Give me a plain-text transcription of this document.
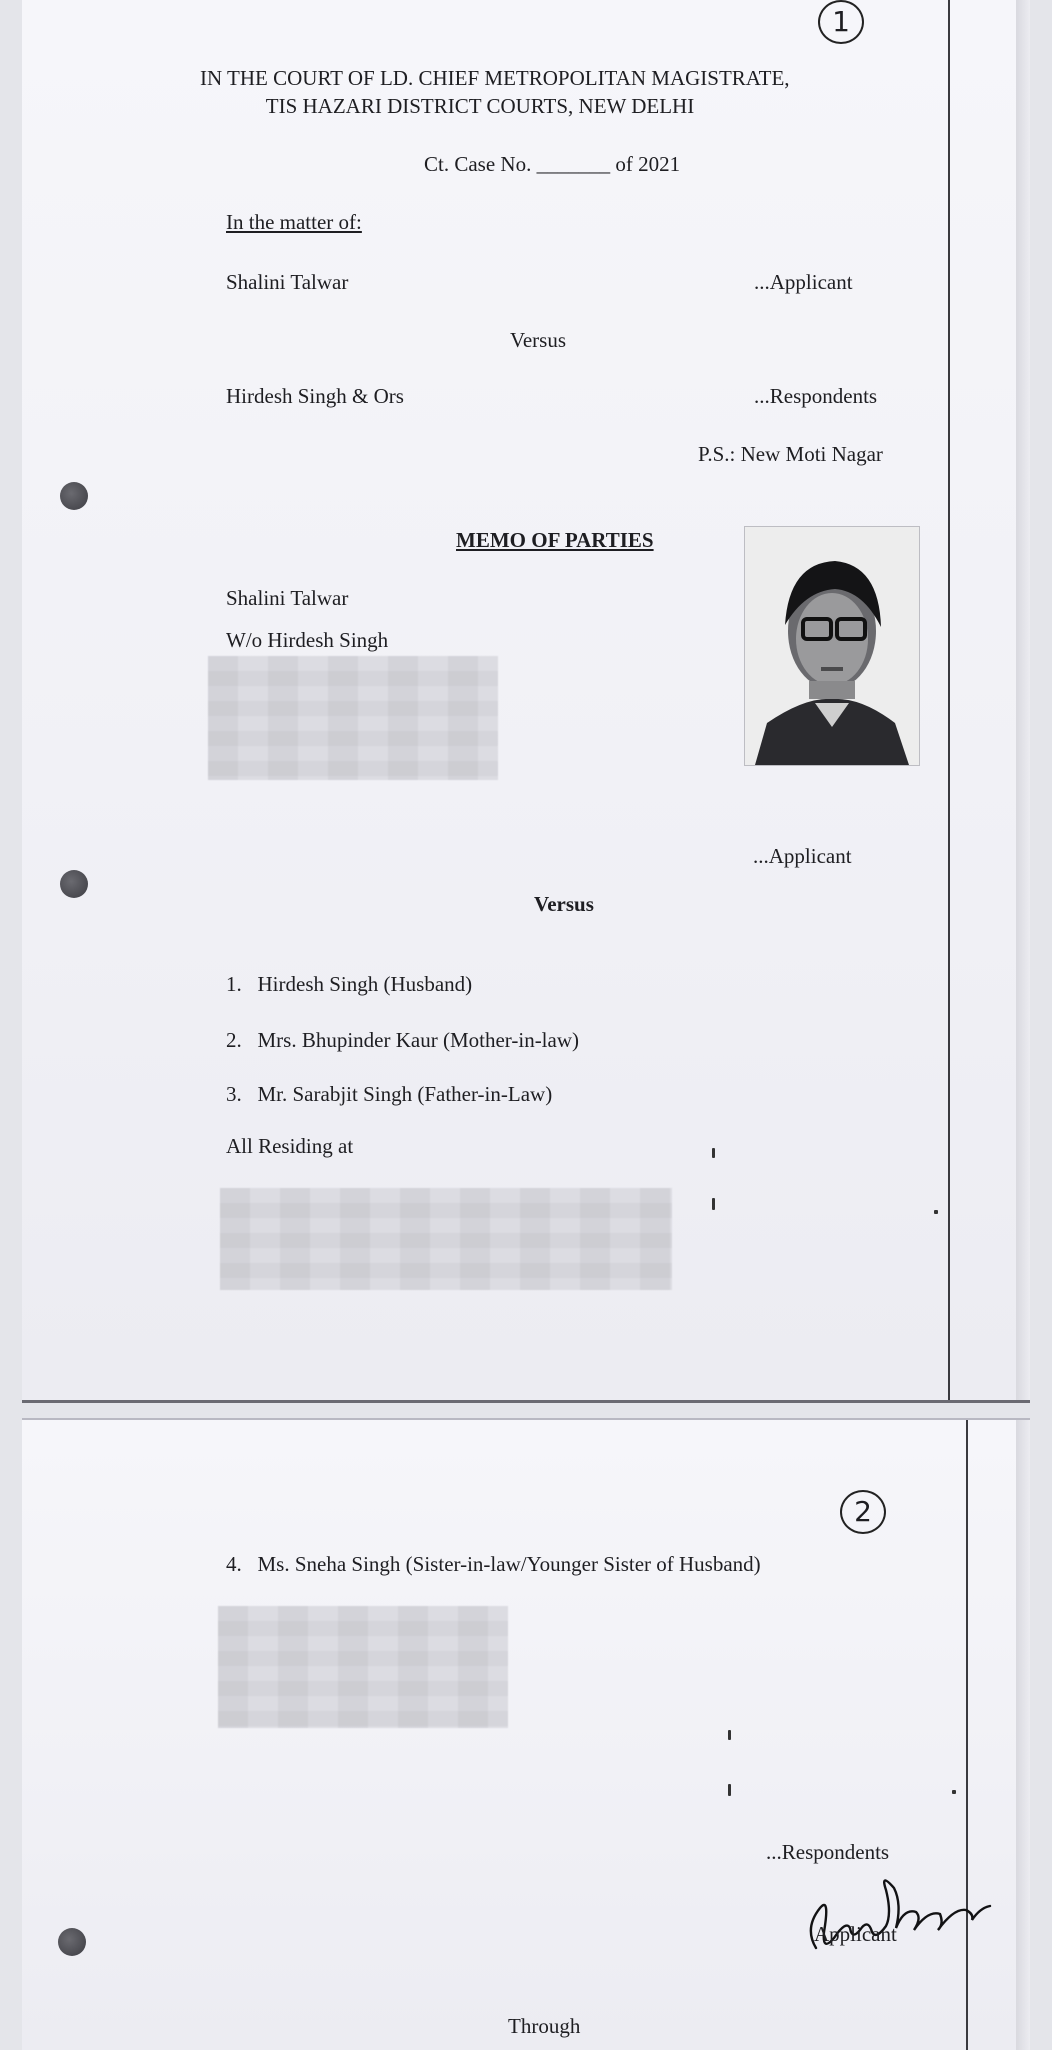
1
IN THE COURT OF LD. CHIEF METROPOLITAN MAGISTRATE,
TIS HAZARI DISTRICT COURTS, NEW DELHI
Ct. Case No. _______ of 2021
In the matter of:
Shalini Talwar	...Applicant
Versus
Hirdesh Singh & Ors	...Respondents
P.S.: New Moti Nagar
MEMO OF PARTIES
Shalini Talwar
W/o Hirdesh Singh
...Applicant
Versus
1. Hirdesh Singh (Husband)
2. Mrs. Bhupinder Kaur (Mother-in-law)
3. Mr. Sarabjit Singh (Father-in-Law)
All Residing at
2
4. Ms. Sneha Singh (Sister-in-law/Younger Sister of Husband)
...Respondents
Applicant
Through
